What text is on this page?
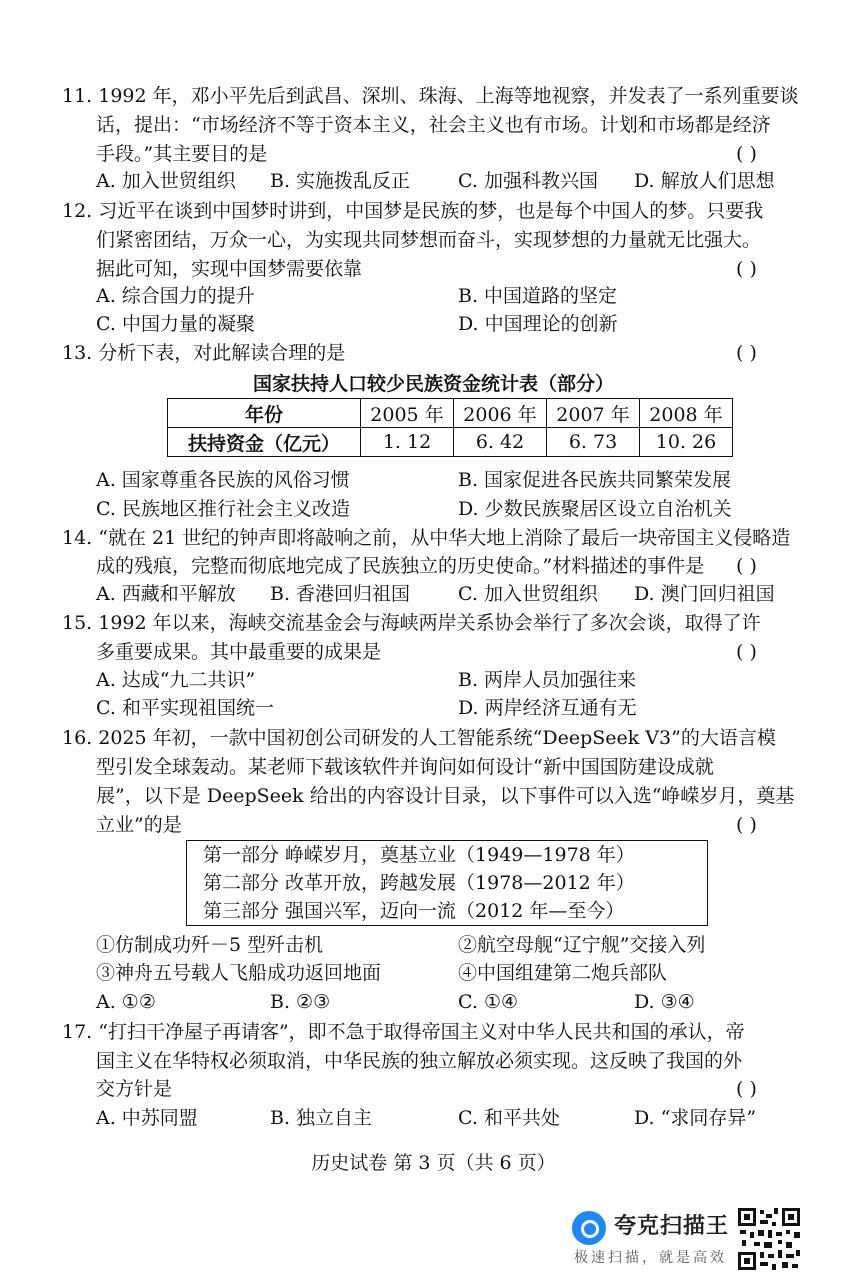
11. 1992 年，邓小平先后到武昌、深圳、珠海、上海等地视察，并发表了一系列重要谈
话，提出：“市场经济不等于资本主义，社会主义也有市场。计划和市场都是经济
手段。”其主要目的是	( )
A. 加入世贸组织 B. 实施拨乱反正	C. 加强科教兴国 D. 解放人们思想
12. 习近平在谈到中国梦时讲到，中国梦是民族的梦，也是每个中国人的梦。只要我
们紧密团结，万众一心，为实现共同梦想而奋斗，实现梦想的力量就无比强大。
据此可知，实现中国梦需要依靠	( )
A. 综合国力的提升	B. 中国道路的坚定
C. 中国力量的凝聚	D. 中国理论的创新
13. 分析下表，对此解读合理的是	( )
国家扶持人口较少民族资金统计表（部分）
年份	2005 年	2006 年	2007 年	2008 年
扶持资金（亿元）	1. 12	6. 42	6. 73	10. 26
A. 国家尊重各民族的风俗习惯	B. 国家促进各民族共同繁荣发展
C. 民族地区推行社会主义改造	D. 少数民族聚居区设立自治机关
14. “就在 21 世纪的钟声即将敲响之前，从中华大地上消除了最后一块帝国主义侵略造
成的残痕，完整而彻底地完成了民族独立的历史使命。”材料描述的事件是	( )
A. 西藏和平解放 B. 香港回归祖国	C. 加入世贸组织 D. 澳门回归祖国
15. 1992 年以来，海峡交流基金会与海峡两岸关系协会举行了多次会谈，取得了许
多重要成果。其中最重要的成果是	( )
A. 达成“九二共识”	B. 两岸人员加强往来
C. 和平实现祖国统一	D. 两岸经济互通有无
16. 2025 年初，一款中国初创公司研发的人工智能系统“DeepSeek V3”的大语言模
型引发全球轰动。某老师下载该软件并询问如何设计“新中国国防建设成就
展”，以下是 DeepSeek 给出的内容设计目录，以下事件可以入选“峥嵘岁月，奠基
立业”的是	( )
第一部分 峥嵘岁月，奠基立业（1949—1978 年）
第二部分 改革开放，跨越发展（1978—2012 年）
第三部分 强国兴军，迈向一流（2012 年—至今）
①仿制成功歼－5 型歼击机	②航空母舰“辽宁舰”交接入列
③神舟五号载人飞船成功返回地面	④中国组建第二炮兵部队
A. ①②	B. ②③	C. ①④	D. ③④
17. “打扫干净屋子再请客”，即不急于取得帝国主义对中华人民共和国的承认，帝
国主义在华特权必须取消，中华民族的独立解放必须实现。这反映了我国的外
交方针是	( )
A. 中苏同盟	B. 独立自主	C. 和平共处	D. “求同存异”
历史试卷 第 3 页（共 6 页）
夸克扫描王
极速扫描，就是高效
